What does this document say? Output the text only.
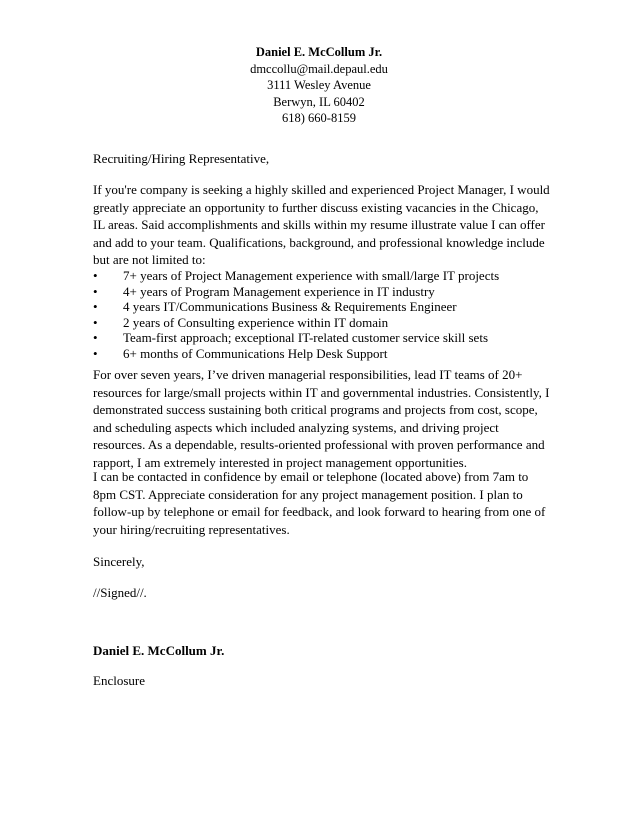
Daniel E. McCollum Jr.
dmccollu@mail.depaul.edu
3111 Wesley Avenue
Berwyn, IL 60402
618) 660-8159

Recruiting/Hiring Representative,

If you're company is seeking a highly skilled and experienced Project Manager, I would greatly appreciate an opportunity to further discuss existing vacancies in the Chicago, IL areas. Said accomplishments and skills within my resume illustrate value I can offer and add to your team. Qualifications, background, and professional knowledge include but are not limited to:

• 7+ years of Project Management experience with small/large IT projects
• 4+ years of Program Management experience in IT industry
• 4 years IT/Communications Business & Requirements Engineer
• 2 years of Consulting experience within IT domain
• Team-first approach; exceptional IT-related customer service skill sets
• 6+ months of Communications Help Desk Support

For over seven years, I’ve driven managerial responsibilities, lead IT teams of 20+ resources for large/small projects within IT and governmental industries. Consistently, I demonstrated success sustaining both critical programs and projects from cost, scope, and scheduling aspects which included analyzing systems, and driving project resources. As a dependable, results-oriented professional with proven performance and rapport, I am extremely interested in project management opportunities.

I can be contacted in confidence by email or telephone (located above) from 7am to 8pm CST. Appreciate consideration for any project management position. I plan to follow-up by telephone or email for feedback, and look forward to hearing from one of your hiring/recruiting representatives.

Sincerely,

//Signed//.

Daniel E. McCollum Jr.

Enclosure
